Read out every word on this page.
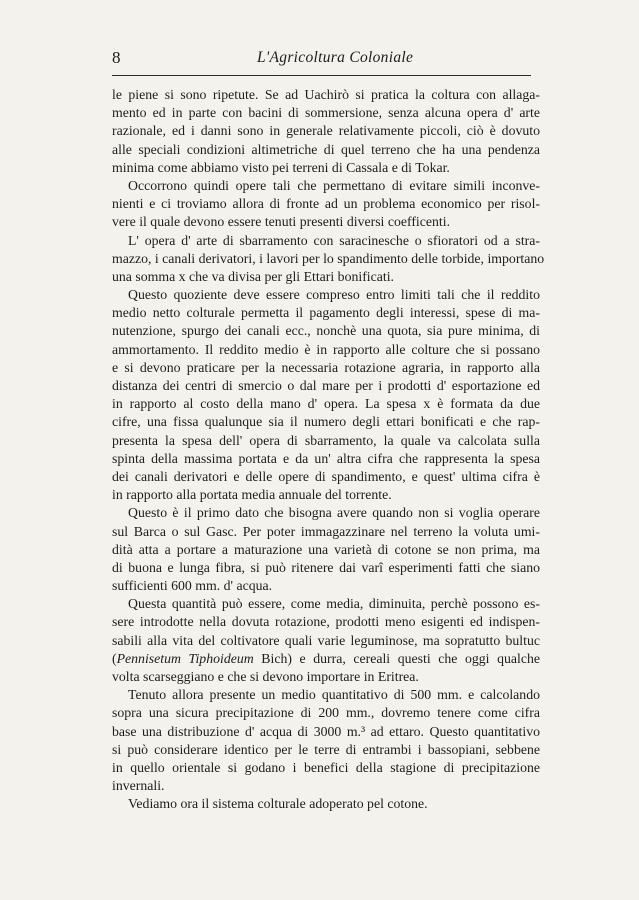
8	L'Agricoltura Coloniale

le piene si sono ripetute. Se ad Uachirò si pratica la coltura con allaga-
mento ed in parte con bacini di sommersione, senza alcuna opera d' arte
razionale, ed i danni sono in generale relativamente piccoli, ciò è dovuto
alle speciali condizioni altimetriche di quel terreno che ha una pendenza
minima come abbiamo visto pei terreni di Cassala e di Tokar.

Occorrono quindi opere tali che permettano di evitare simili inconve-
nienti e ci troviamo allora di fronte ad un problema economico per risol-
vere il quale devono essere tenuti presenti diversi coefficenti.

L' opera d' arte di sbarramento con saracinesche o sfioratori od a stra-
mazzo, i canali derivatori, i lavori per lo spandimento delle torbide, importano
una somma x che va divisa per gli Ettari bonificati.

Questo quoziente deve essere compreso entro limiti tali che il reddito
medio netto colturale permetta il pagamento degli interessi, spese di ma-
nutenzione, spurgo dei canali ecc., nonchè una quota, sia pure minima, di
ammortamento. Il reddito medio è in rapporto alle colture che si possano
e si devono praticare per la necessaria rotazione agraria, in rapporto alla
distanza dei centri di smercio o dal mare per i prodotti d' esportazione ed
in rapporto al costo della mano d' opera. La spesa x è formata da due
cifre, una fissa qualunque sia il numero degli ettari bonificati e che rap-
presenta la spesa dell' opera di sbarramento, la quale va calcolata sulla
spinta della massima portata e da un' altra cifra che rappresenta la spesa
dei canali derivatori e delle opere di spandimento, e quest' ultima cifra è
in rapporto alla portata media annuale del torrente.

Questo è il primo dato che bisogna avere quando non si voglia operare
sul Barca o sul Gasc. Per poter immagazzinare nel terreno la voluta umi-
dità atta a portare a maturazione una varietà di cotone se non prima, ma
di buona e lunga fibra, si può ritenere dai varî esperimenti fatti che siano
sufficienti 600 mm. d' acqua.

Questa quantità può essere, come media, diminuita, perchè possono es-
sere introdotte nella dovuta rotazione, prodotti meno esigenti ed indispen-
sabili alla vita del coltivatore quali varie leguminose, ma sopratutto bultuc
(Pennisetum Tiphoideum Bich) e durra, cereali questi che oggi qualche
volta scarseggiano e che si devono importare in Eritrea.

Tenuto allora presente un medio quantitativo di 500 mm. e calcolando
sopra una sicura precipitazione di 200 mm., dovremo tenere come cifra
base una distribuzione d' acqua di 3000 m.³ ad ettaro. Questo quantitativo
si può considerare identico per le terre di entrambi i bassopiani, sebbene
in quello orientale si godano i benefici della stagione di precipitazione
invernali.

Vediamo ora il sistema colturale adoperato pel cotone.
